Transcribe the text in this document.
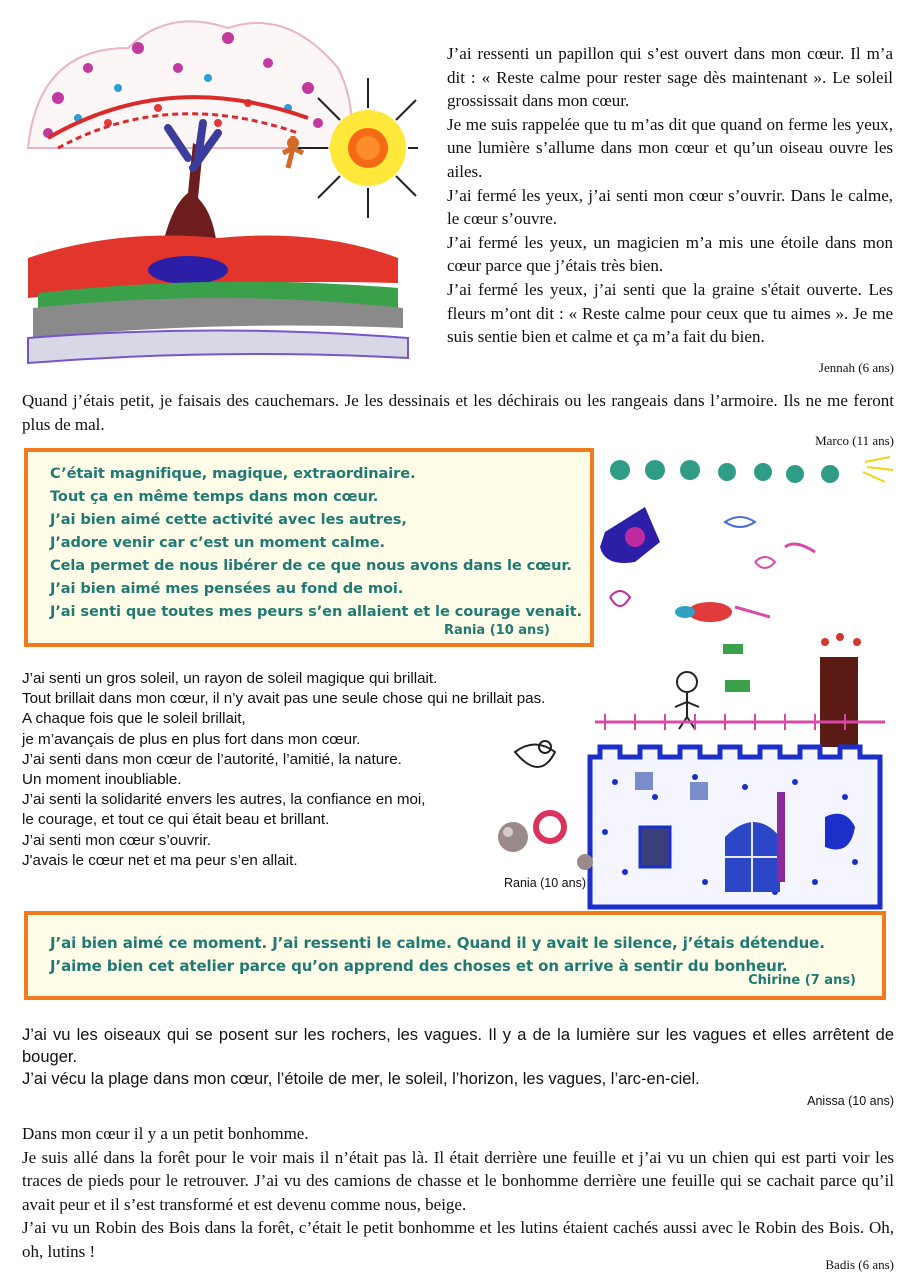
J’ai ressenti un papillon qui s’est ouvert dans mon cœur. Il m’a dit : « Reste calme pour rester sage dès maintenant ». Le soleil grossissait dans mon cœur.

Je me suis rappelée que tu m’as dit que quand on ferme les yeux, une lumière s’allume dans mon cœur et qu’un oiseau ouvre les ailes.

J’ai fermé les yeux, j’ai senti mon cœur s’ouvrir. Dans le calme, le cœur s’ouvre.

J’ai fermé les yeux, un magicien m’a mis une étoile dans mon cœur parce que j’étais très bien.

J’ai fermé les yeux, j’ai senti que la graine s'était ouverte. Les fleurs m’ont dit : « Reste calme pour ceux que tu aimes ». Je me suis sentie bien et calme et ça m’a fait du bien.

Jennah (6 ans)
Quand j’étais petit, je faisais des cauchemars. Je les dessinais et les déchirais ou les rangeais dans l’armoire. Ils ne me feront plus de mal.
Marco (11 ans)
C’était magnifique, magique, extraordinaire.
Tout ça en même temps dans mon cœur.
J’ai bien aimé cette activité avec les autres,
J’adore venir car c’est un moment calme.
Cela permet de nous libérer de ce que nous avons dans le cœur.
J’ai bien aimé mes pensées au fond de moi.
J’ai senti que toutes mes peurs s’en allaient et le courage venait.
Rania (10 ans)
J’ai senti un gros soleil, un rayon de soleil magique qui brillait.
Tout brillait dans mon cœur, il n’y avait pas une seule chose qui ne brillait pas.
A chaque fois que le soleil brillait,
je m’avançais de plus en plus fort dans mon cœur.
J’ai senti dans mon cœur de l’autorité, l’amitié, la nature.
Un moment inoubliable.
J’ai senti la solidarité envers les autres, la confiance en moi,
le courage, et tout ce qui était beau et brillant.
J’ai senti mon cœur s’ouvrir.
J'avais le cœur net et ma peur s’en allait.
Rania (10 ans)
J’ai bien aimé ce moment. J’ai ressenti le calme. Quand il y avait le silence, j’étais détendue.
J’aime bien cet atelier parce qu’on apprend des choses et on arrive à sentir du bonheur.
Chirine (7 ans)

J’ai vu les oiseaux qui se posent sur les rochers, les vagues. Il y a de la lumière sur les vagues et elles arrêtent de bouger.

J’ai vécu la plage dans mon cœur, l’étoile de mer, le soleil, l’horizon, les vagues, l’arc-en-ciel.

Anissa (10 ans)

Dans mon cœur il y a un petit bonhomme.

Je suis allé dans la forêt pour le voir mais il n’était pas là. Il était derrière une feuille et j’ai vu un chien qui est parti voir les traces de pieds pour le retrouver. J’ai vu des camions de chasse et le bonhomme derrière une feuille qui se cachait parce qu’il avait peur et il s’est transformé et est devenu comme nous, beige.

J’ai vu un Robin des Bois dans la forêt, c’était le petit bonhomme et les lutins étaient cachés aussi avec le Robin des Bois. Oh, oh, lutins !

Badis (6 ans)
